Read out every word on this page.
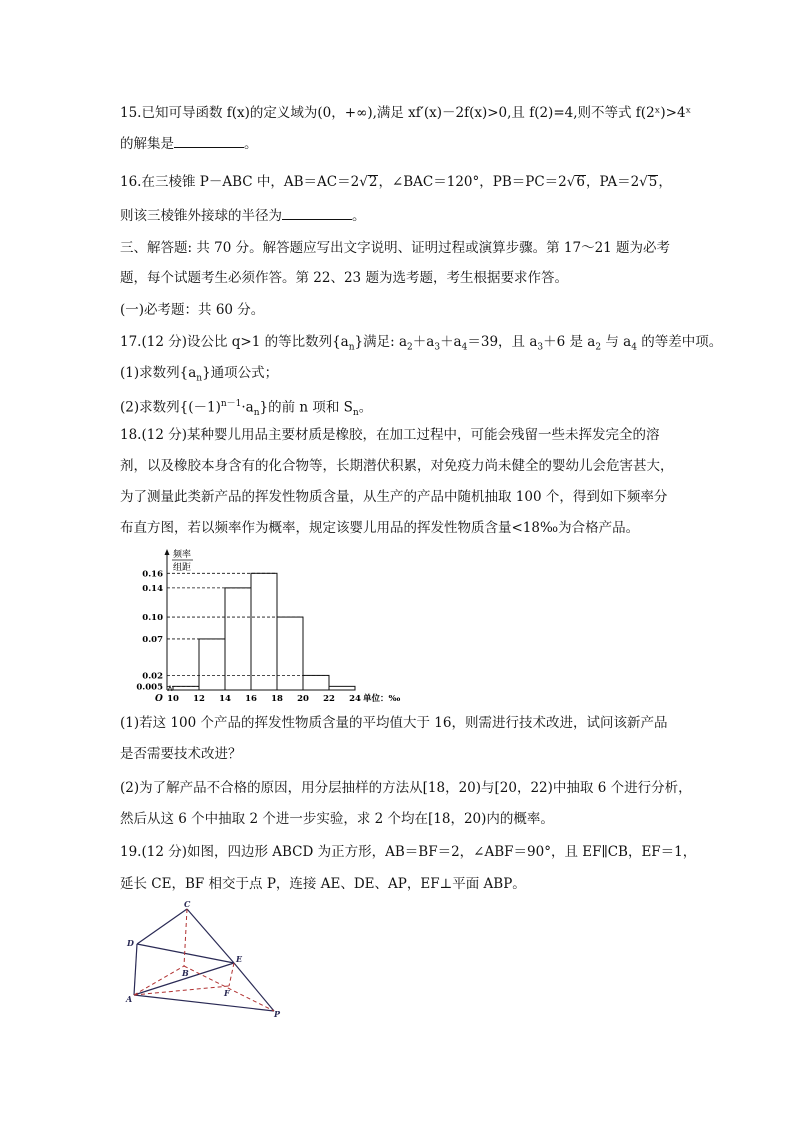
15.已知可导函数 f(x)的定义域为(0，+∞),满足 xf′(x)－2f(x)>0,且 f(2)=4,则不等式 f(2ˣ)>4ˣ
的解集是	。
16.在三棱锥 P－ABC 中，AB＝AC＝2√2，∠BAC＝120°，PB＝PC＝2√6，PA＝2√5，
则该三棱锥外接球的半径为	。
三、解答题: 共 70 分。解答题应写出文字说明、证明过程或演算步骤。第 17～21 题为必考
题，每个试题考生必须作答。第 22、23 题为选考题，考生根据要求作答。
(一)必考题：共 60 分。
17.(12 分)设公比 q>1 的等比数列$\{a_n\}$满足: $a_2+a_3+a_4=39$，且 $a_3+6$ 是 $a_2$ 与 $a_4$ 的等差中项。
(1)求数列$\{a_n\}$通项公式；
(2)求数列$\{(-1)^{n-1}\cdot a_n\}$的前 n 项和 $S_n$。
18.(12 分)某种婴儿用品主要材质是橡胶，在加工过程中，可能会残留一些未挥发完全的溶
剂，以及橡胶本身含有的化合物等，长期潜伏积累，对免疫力尚未健全的婴幼儿会危害甚大，
为了测量此类新产品的挥发性物质含量，从生产的产品中随机抽取 100 个，得到如下频率分
布直方图，若以频率作为概率，规定该婴儿用品的挥发性物质含量<18‰为合格产品。
频率
组距
O
0.16
0.14
0.10
0.07
0.02
0.005
10 12 14 16 18 20 22 24 单位：‰
(1)若这 100 个产品的挥发性物质含量的平均值大于 16，则需进行技术改进，试问该新产品
是否需要技术改进？
(2)为了解产品不合格的原因，用分层抽样的方法从[18，20)与[20，22)中抽取 6 个进行分析，
然后从这 6 个中抽取 2 个进一步实验，求 2 个均在[18，20)内的概率。
19.(12 分)如图，四边形 ABCD 为正方形，AB＝BF＝2，∠ABF＝90°，且 EF∥CB，EF＝1，
延长 CE，BF 相交于点 P，连接 AE、DE、AP，EF⊥平面 ABP。
C
D
B
E
F
A
P
